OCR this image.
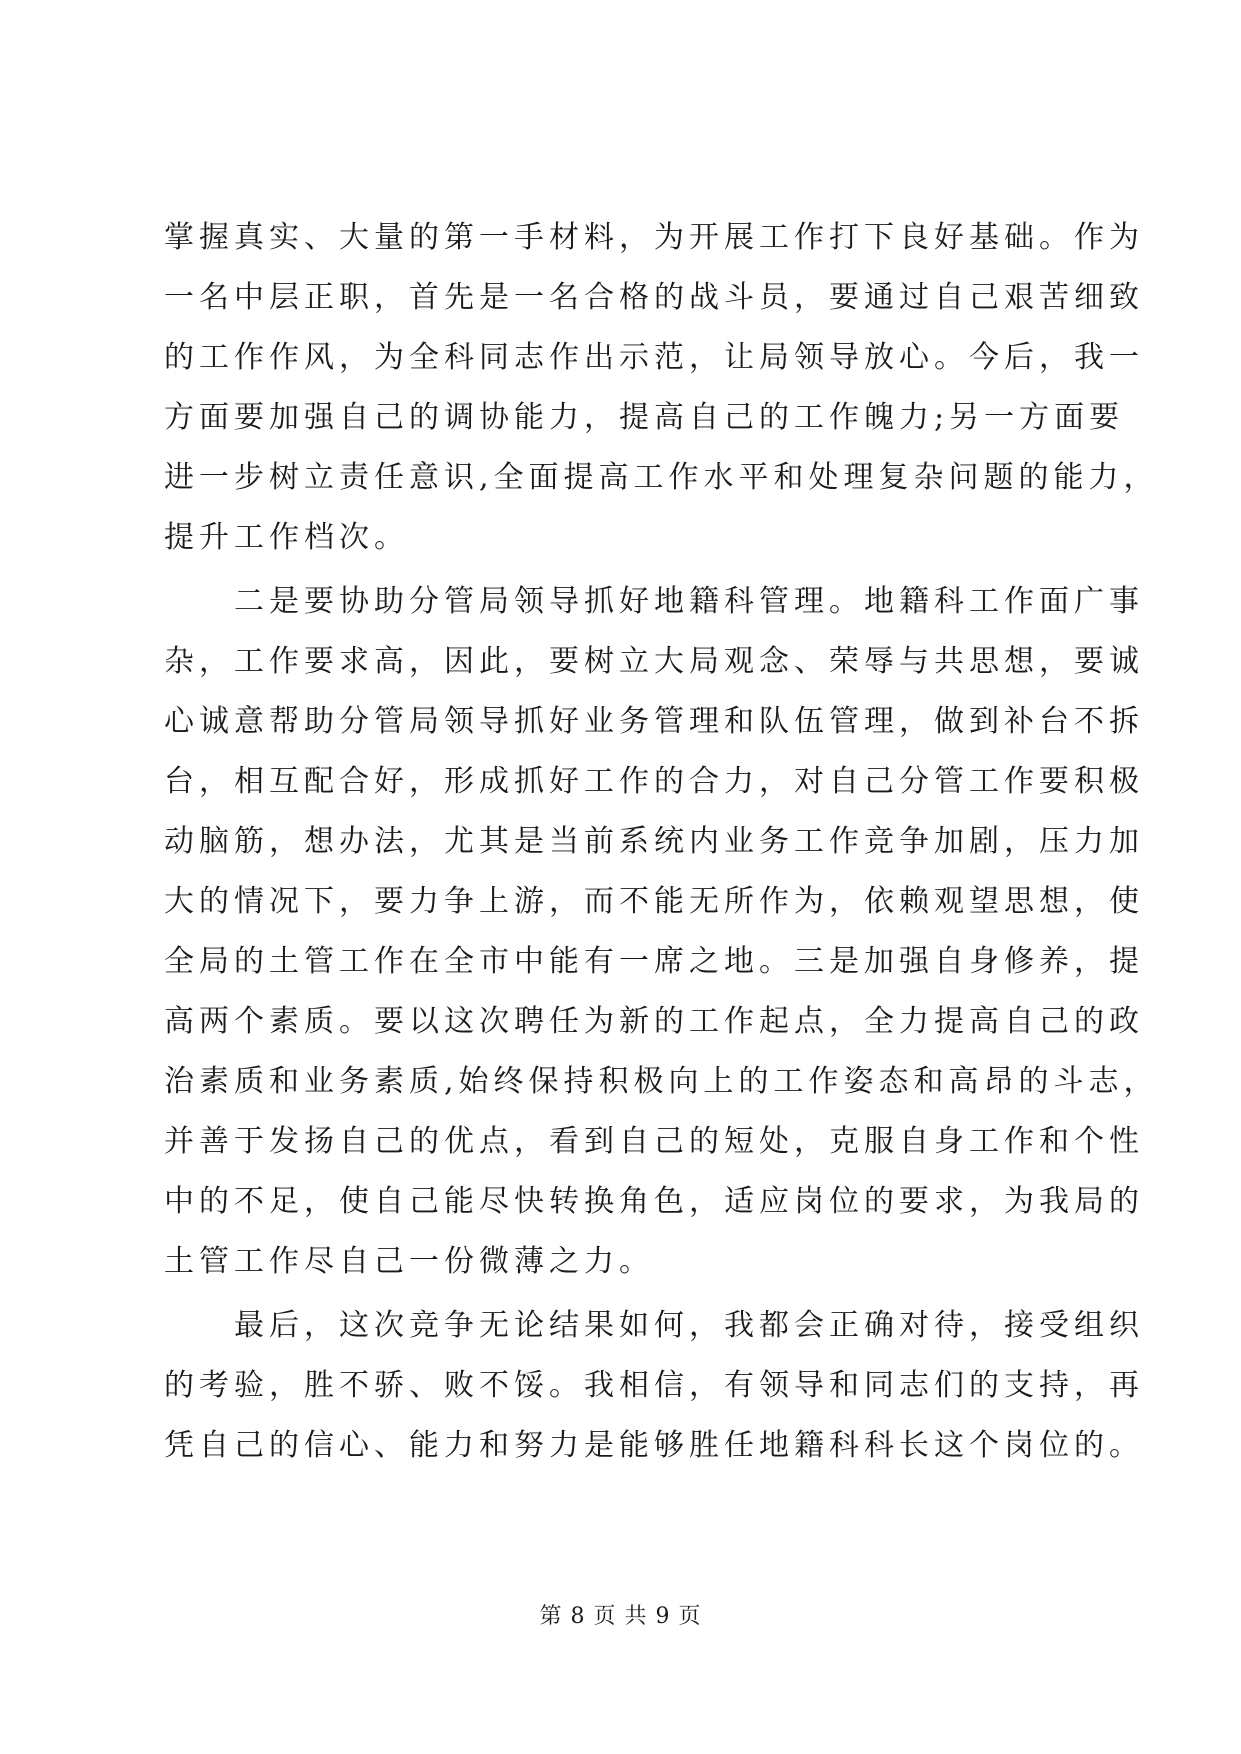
掌握真实、大量的第一手材料，为开展工作打下良好基础。作为
一名中层正职，首先是一名合格的战斗员，要通过自己艰苦细致
的工作作风，为全科同志作出示范，让局领导放心。今后，我一
方面要加强自己的调协能力，提高自己的工作魄力;另一方面要
进一步树立责任意识,全面提高工作水平和处理复杂问题的能力，
提升工作档次。
　　二是要协助分管局领导抓好地籍科管理。地籍科工作面广事
杂，工作要求高，因此，要树立大局观念、荣辱与共思想，要诚
心诚意帮助分管局领导抓好业务管理和队伍管理，做到补台不拆
台，相互配合好，形成抓好工作的合力，对自己分管工作要积极
动脑筋，想办法，尤其是当前系统内业务工作竞争加剧，压力加
大的情况下，要力争上游，而不能无所作为，依赖观望思想，使
全局的土管工作在全市中能有一席之地。三是加强自身修养，提
高两个素质。要以这次聘任为新的工作起点，全力提高自己的政
治素质和业务素质,始终保持积极向上的工作姿态和高昂的斗志，
并善于发扬自己的优点，看到自己的短处，克服自身工作和个性
中的不足，使自己能尽快转换角色，适应岗位的要求，为我局的
土管工作尽自己一份微薄之力。
　　最后，这次竞争无论结果如何，我都会正确对待，接受组织
的考验，胜不骄、败不馁。我相信，有领导和同志们的支持，再
凭自己的信心、能力和努力是能够胜任地籍科科长这个岗位的。
第 8 页 共 9 页
